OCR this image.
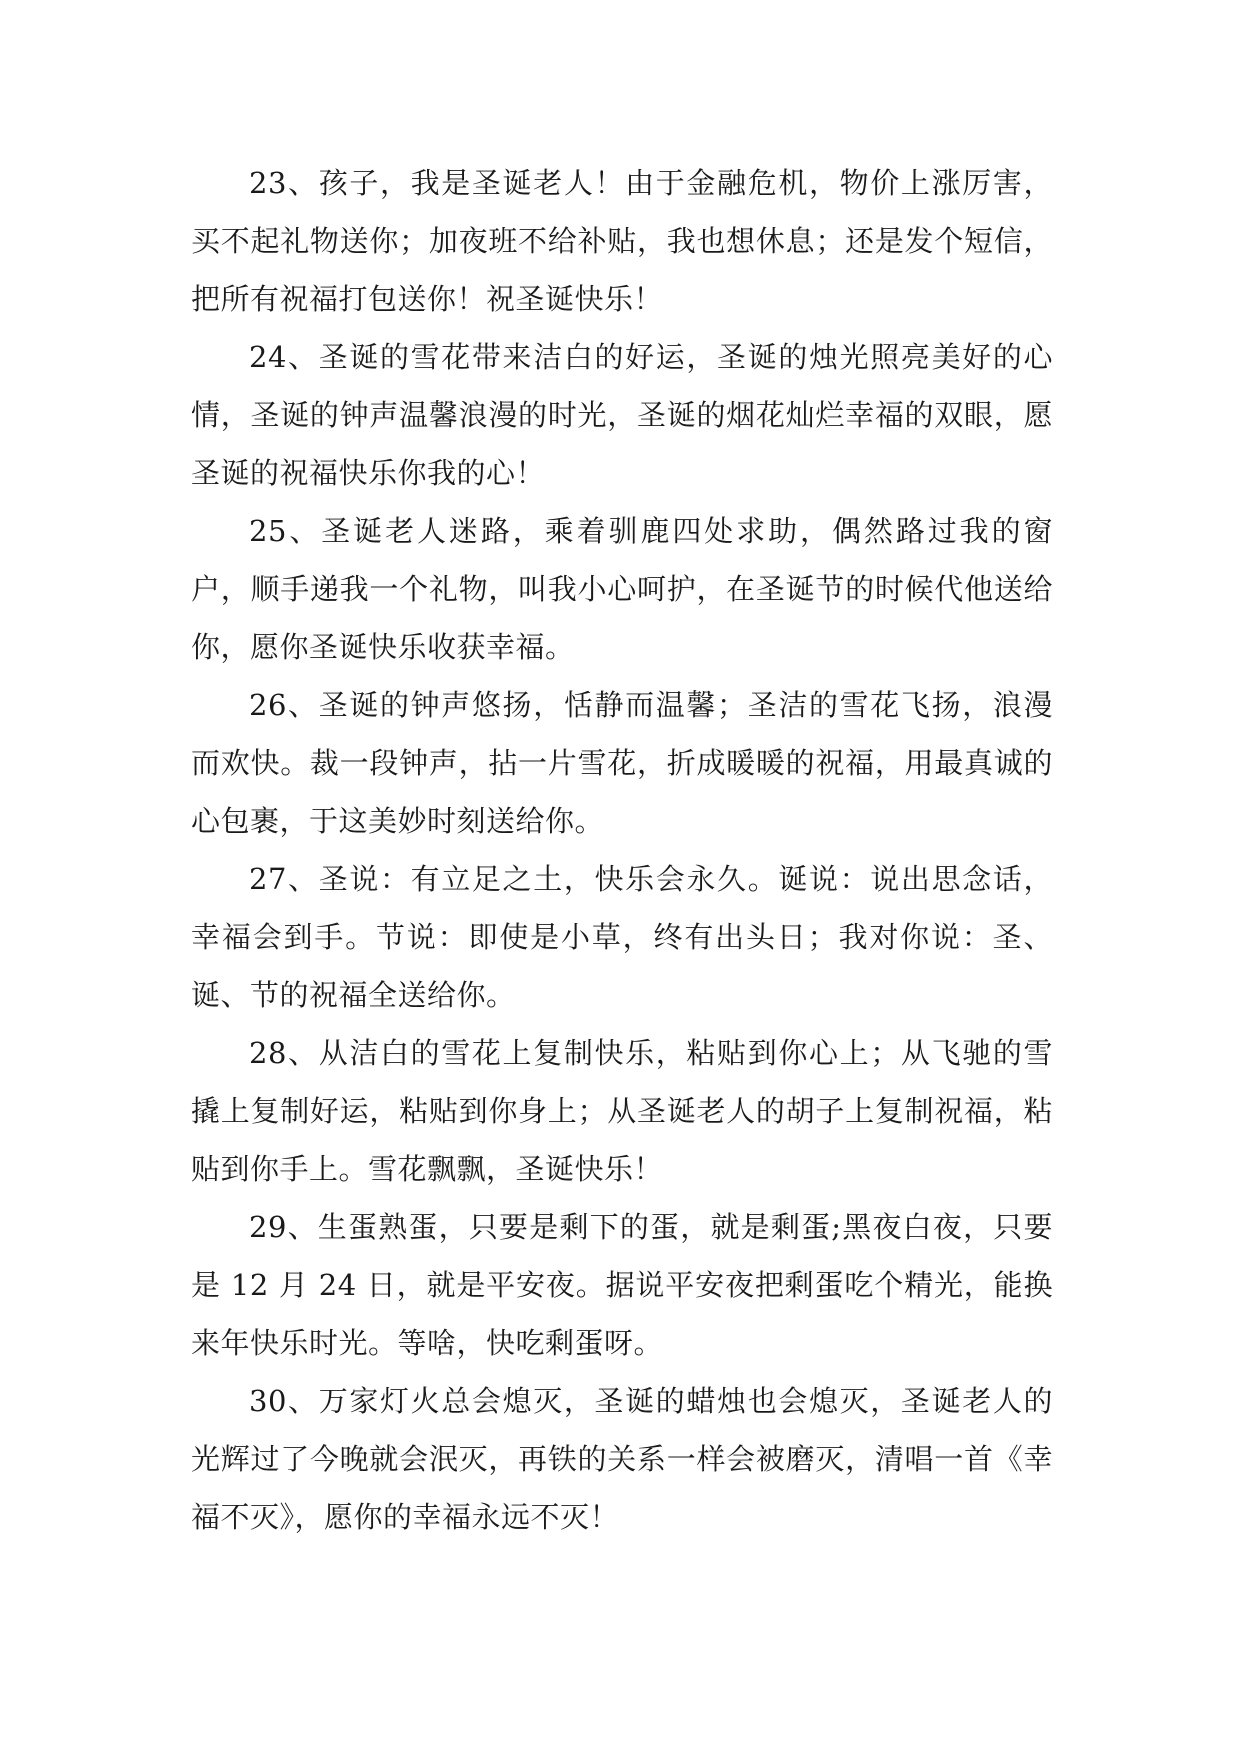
23、孩子，我是圣诞老人！由于金融危机，物价上涨厉害，买不起礼物送你；加夜班不给补贴，我也想休息；还是发个短信，把所有祝福打包送你！祝圣诞快乐！

24、圣诞的雪花带来洁白的好运，圣诞的烛光照亮美好的心情，圣诞的钟声温馨浪漫的时光，圣诞的烟花灿烂幸福的双眼，愿圣诞的祝福快乐你我的心！

25、圣诞老人迷路，乘着驯鹿四处求助，偶然路过我的窗户，顺手递我一个礼物，叫我小心呵护，在圣诞节的时候代他送给你，愿你圣诞快乐收获幸福。

26、圣诞的钟声悠扬，恬静而温馨；圣洁的雪花飞扬，浪漫而欢快。裁一段钟声，拈一片雪花，折成暖暖的祝福，用最真诚的心包裹，于这美妙时刻送给你。

27、圣说：有立足之土，快乐会永久。诞说：说出思念话，幸福会到手。节说：即使是小草，终有出头日；我对你说：圣、诞、节的祝福全送给你。

28、从洁白的雪花上复制快乐，粘贴到你心上；从飞驰的雪撬上复制好运，粘贴到你身上；从圣诞老人的胡子上复制祝福，粘贴到你手上。雪花飘飘，圣诞快乐！

29、生蛋熟蛋，只要是剩下的蛋，就是剩蛋;黑夜白夜，只要是 12 月 24 日，就是平安夜。据说平安夜把剩蛋吃个精光，能换来年快乐时光。等啥，快吃剩蛋呀。

30、万家灯火总会熄灭，圣诞的蜡烛也会熄灭，圣诞老人的光辉过了今晚就会泯灭，再铁的关系一样会被磨灭，清唱一首《幸福不灭》，愿你的幸福永远不灭！
